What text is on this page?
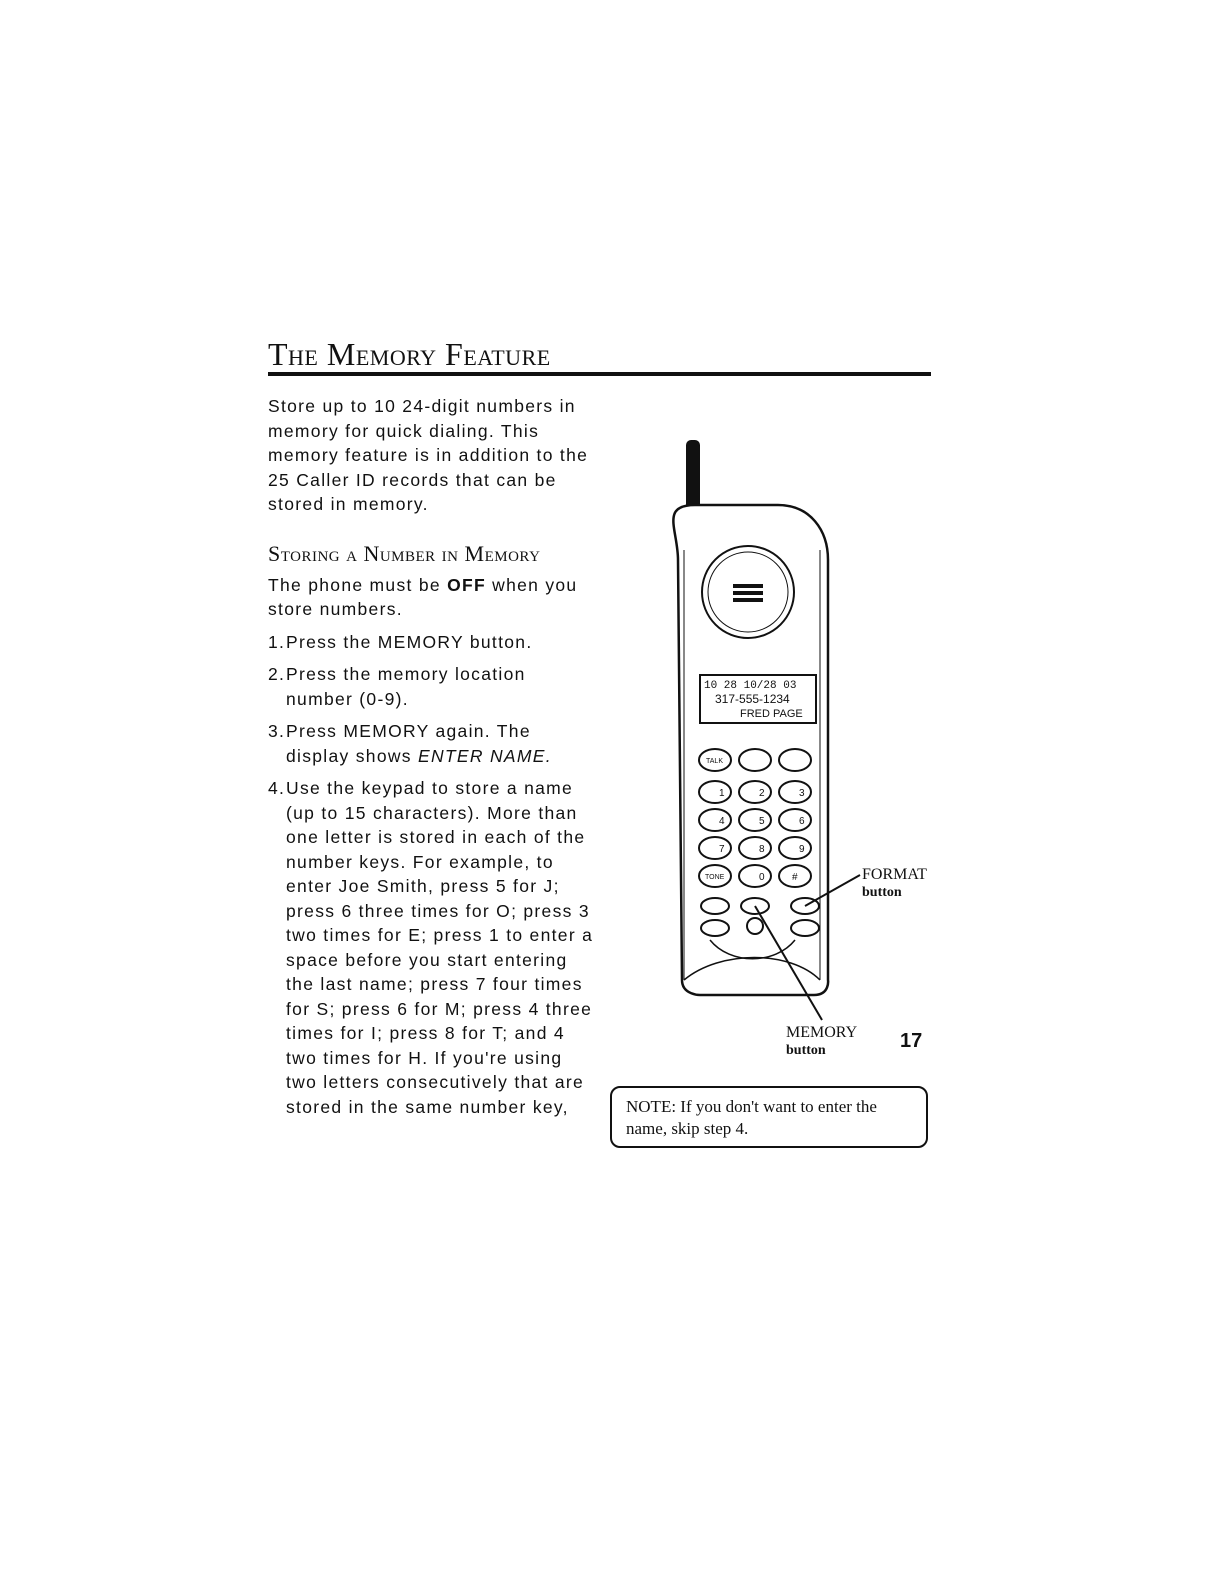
The Memory Feature

Store up to 10 24-digit numbers in memory for quick dialing. This memory feature is in addition to the 25 Caller ID records that can be stored in memory.

Storing a Number in Memory

The phone must be OFF when you store numbers.

1. Press the MEMORY button.
2. Press the memory location number (0-9).
3. Press MEMORY again. The display shows ENTER NAME.
4. Use the keypad to store a name (up to 15 characters). More than one letter is stored in each of the number keys. For example, to enter Joe Smith, press 5 for J; press 6 three times for O; press 3 two times for E; press 1 to enter a space before you start entering the last name; press 7 four times for S; press 6 for M; press 4 three times for I; press 8 for T; and 4 two times for H. If you're using two letters consecutively that are stored in the same number key,
10 28 10/28 03
317-555-1234
FRED PAGE
TALK
1	2	3
4	5	6
7	8	9
TONE	0	#	FORMAT
button
MEMORY
button
NOTE: If you don't want to enter the name, skip step 4.
17
